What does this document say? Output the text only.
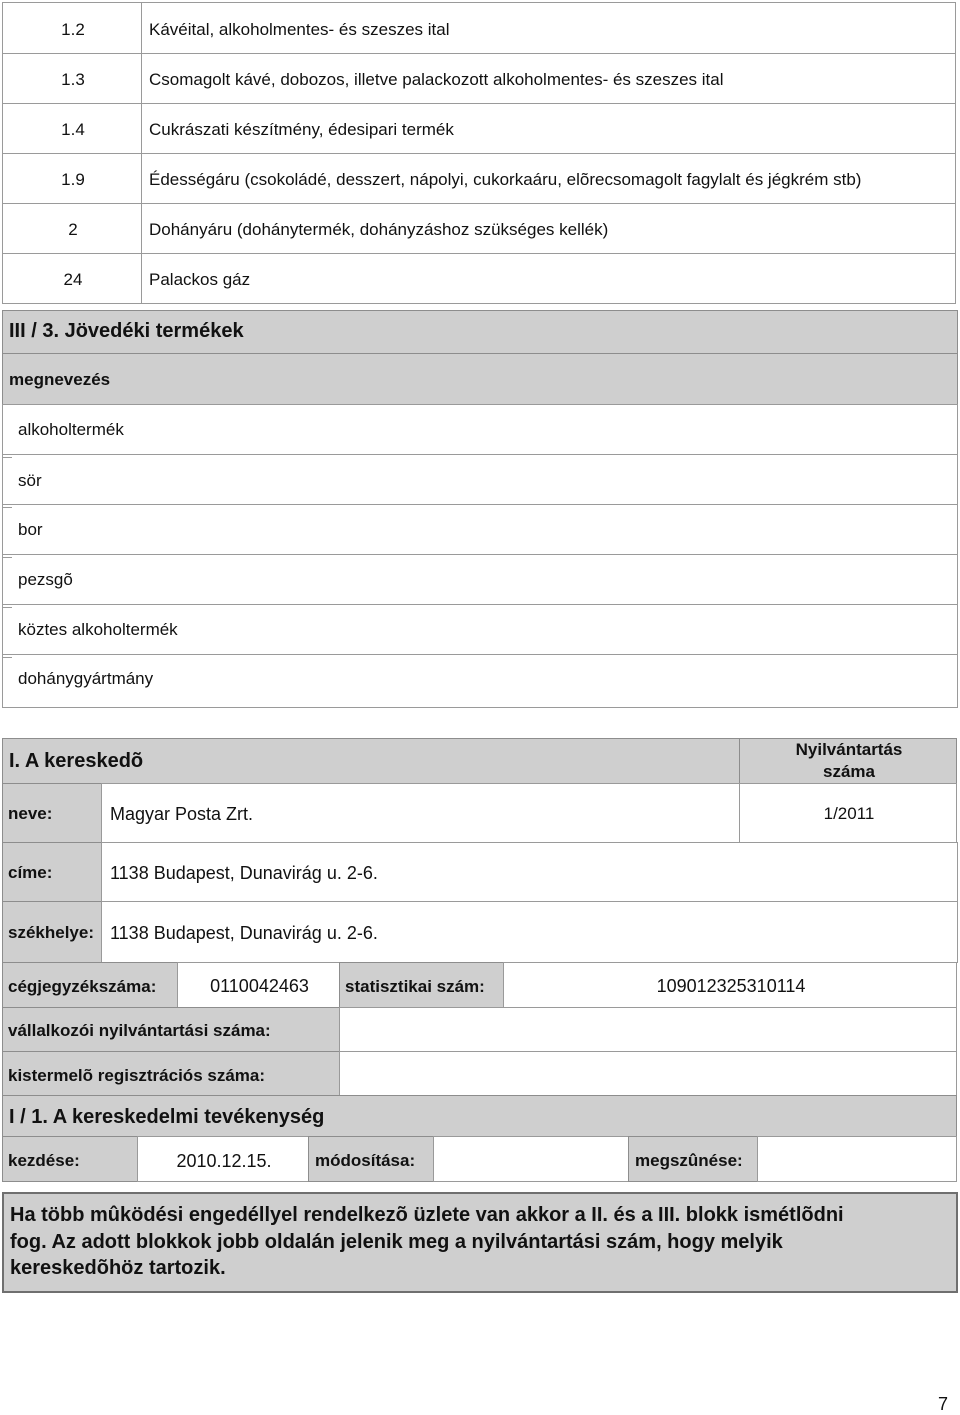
1.2	Kávéital, alkoholmentes- és szeszes ital
1.3	Csomagolt kávé, dobozos, illetve palackozott alkoholmentes- és szeszes ital
1.4	Cukrászati készítmény, édesipari termék
1.9	Édességáru (csokoládé, desszert, nápolyi, cukorkaáru, elõrecsomagolt fagylalt és jégkrém stb)
2	Dohányáru (dohánytermék, dohányzáshoz szükséges kellék)
24	Palackos gáz
III / 3. Jövedéki termékek
megnevezés
alkoholtermék
sör
bor
pezsgõ
köztes alkoholtermék
dohánygyártmány
I. A kereskedõ
Nyilvántartás
száma
neve:	Magyar Posta Zrt.	1/2011
címe:	1138 Budapest, Dunavirág u. 2-6.
székhelye: 1138 Budapest, Dunavirág u. 2-6.
cégjegyzékszáma:	0110042463	statisztikai szám:	109012325310114
vállalkozói nyilvántartási száma:
kistermelõ regisztrációs száma:
I / 1. A kereskedelmi tevékenység
kezdése:	2010.12.15.	módosítása:	megszûnése:
Ha több mûködési engedéllyel rendelkezõ üzlete van akkor a II. és a III. blokk ismétlõdni
fog. Az adott blokkok jobb oldalán jelenik meg a nyilvántartási szám, hogy melyik
kereskedõhöz tartozik.
7
